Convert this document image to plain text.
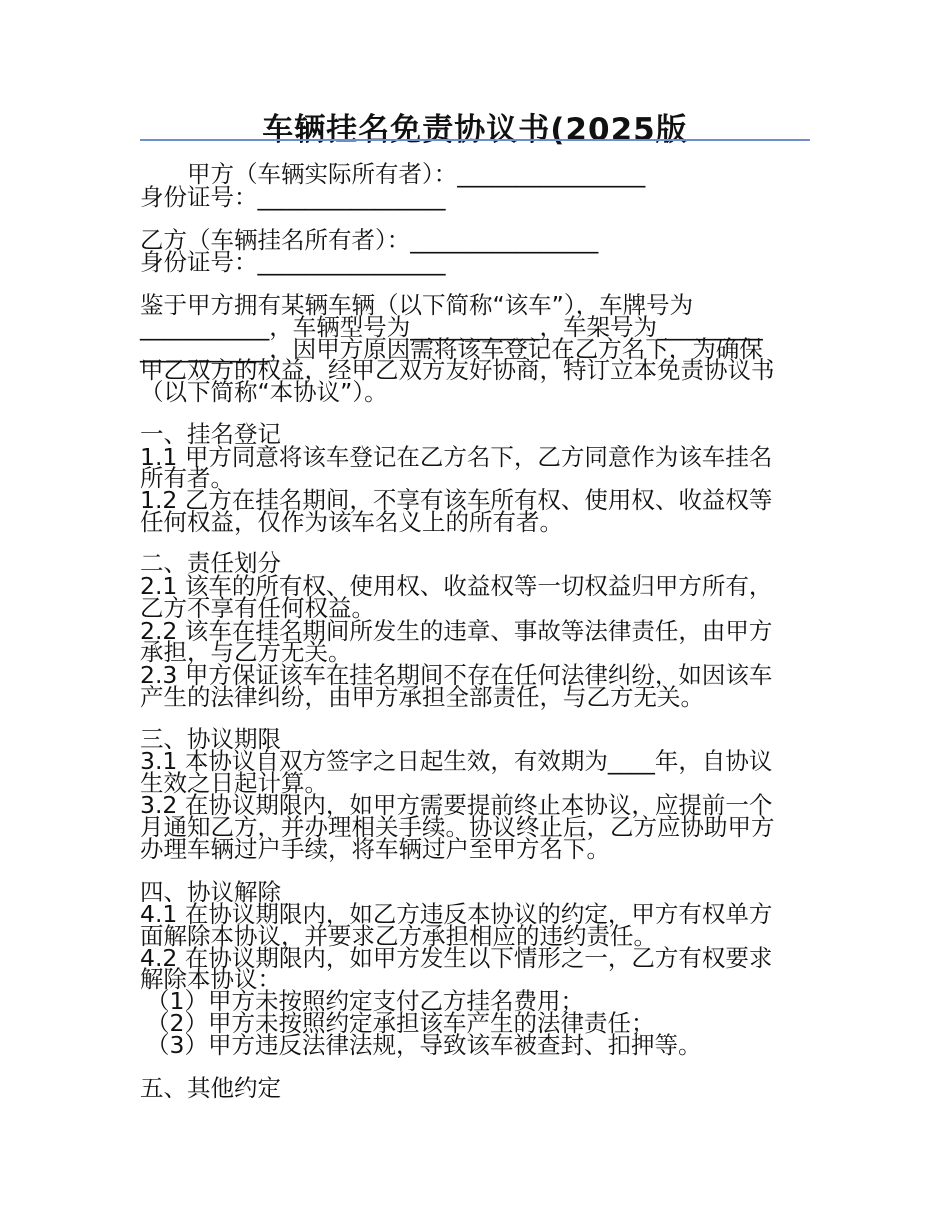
车辆挂名免责协议书(2025版
甲方（车辆实际所有者）：________________
身份证号：________________
乙方（车辆挂名所有者）：________________
身份证号：________________
鉴于甲方拥有某辆车辆（以下简称“该车”），车牌号为
___________，车辆型号为___________，车架号为_________
___________，因甲方原因需将该车登记在乙方名下，为确保
甲乙双方的权益，经甲乙双方友好协商，特订立本免责协议书
（以下简称“本协议”）。
一、挂名登记
1.1 甲方同意将该车登记在乙方名下，乙方同意作为该车挂名
所有者。
1.2 乙方在挂名期间，不享有该车所有权、使用权、收益权等
任何权益，仅作为该车名义上的所有者。
二、责任划分
2.1 该车的所有权、使用权、收益权等一切权益归甲方所有，
乙方不享有任何权益。
2.2 该车在挂名期间所发生的违章、事故等法律责任，由甲方
承担，与乙方无关。
2.3 甲方保证该车在挂名期间不存在任何法律纠纷，如因该车
产生的法律纠纷，由甲方承担全部责任，与乙方无关。
三、协议期限
3.1 本协议自双方签字之日起生效，有效期为____年，自协议
生效之日起计算。
3.2 在协议期限内，如甲方需要提前终止本协议，应提前一个
月通知乙方，并办理相关手续。协议终止后，乙方应协助甲方
办理车辆过户手续，将车辆过户至甲方名下。
四、协议解除
4.1 在协议期限内，如乙方违反本协议的约定，甲方有权单方
面解除本协议，并要求乙方承担相应的违约责任。
4.2 在协议期限内，如甲方发生以下情形之一，乙方有权要求
解除本协议：
（1）甲方未按照约定支付乙方挂名费用；
（2）甲方未按照约定承担该车产生的法律责任；
（3）甲方违反法律法规，导致该车被查封、扣押等。
五、其他约定
